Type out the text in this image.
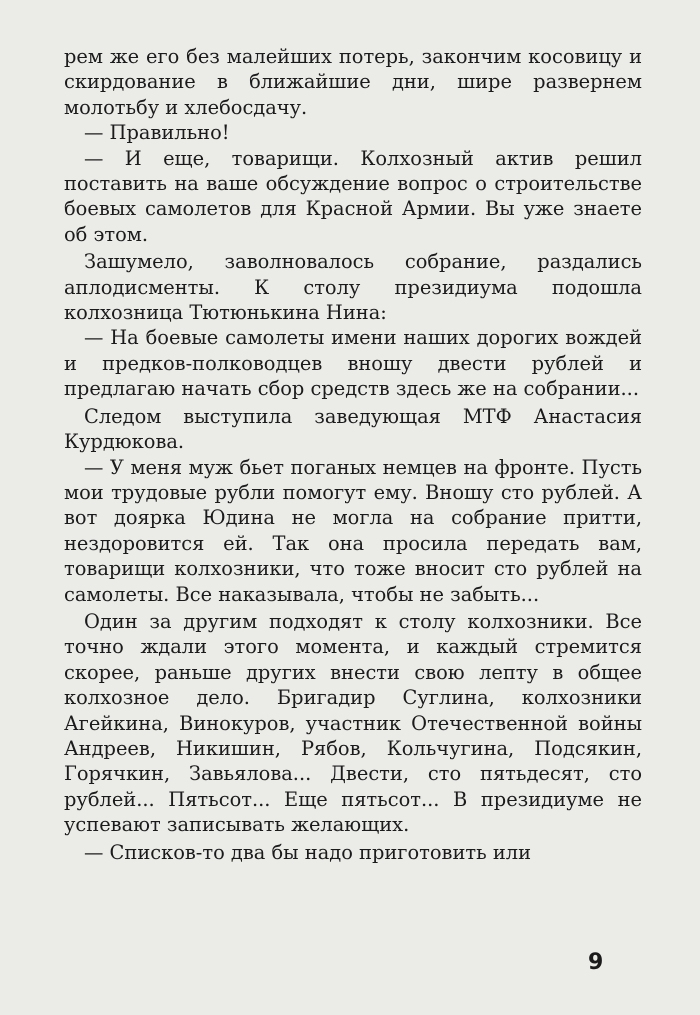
рем же его без малейших потерь, закончим косовицу и скирдование в ближайшие дни, шире развернем молотьбу и хлебосдачу.

— Правильно!

— И еще, товарищи. Колхозный актив решил поставить на ваше обсуждение вопрос о строительстве боевых самолетов для Красной Армии. Вы уже знаете об этом.

Зашумело, заволновалось собрание, раздались аплодисменты. К столу президиума подошла колхозница Тютюнькина Нина:

— На боевые самолеты имени наших дорогих вождей и предков-полководцев вношу двести рублей и предлагаю начать сбор средств здесь же на собрании...

Следом выступила заведующая МТФ Анастасия Курдюкова.

— У меня муж бьет поганых немцев на фронте. Пусть мои трудовые рубли помогут ему. Вношу сто рублей. А вот доярка Юдина не могла на собрание притти, нездоровится ей. Так она просила передать вам, товарищи колхозники, что тоже вносит сто рублей на самолеты. Все наказывала, чтобы не забыть...

Один за другим подходят к столу колхозники. Все точно ждали этого момента, и каждый стремится скорее, раньше других внести свою лепту в общее колхозное дело. Бригадир Суглина, колхозники Агейкина, Винокуров, участник Отечественной войны Андреев, Никишин, Рябов, Кольчугина, Подсякин, Горячкин, Завьялова... Двести, сто пятьдесят, сто рублей... Пятьсот... Еще пятьсот... В президиуме не успевают записывать желающих.

— Списков-то два бы надо приготовить или

9
